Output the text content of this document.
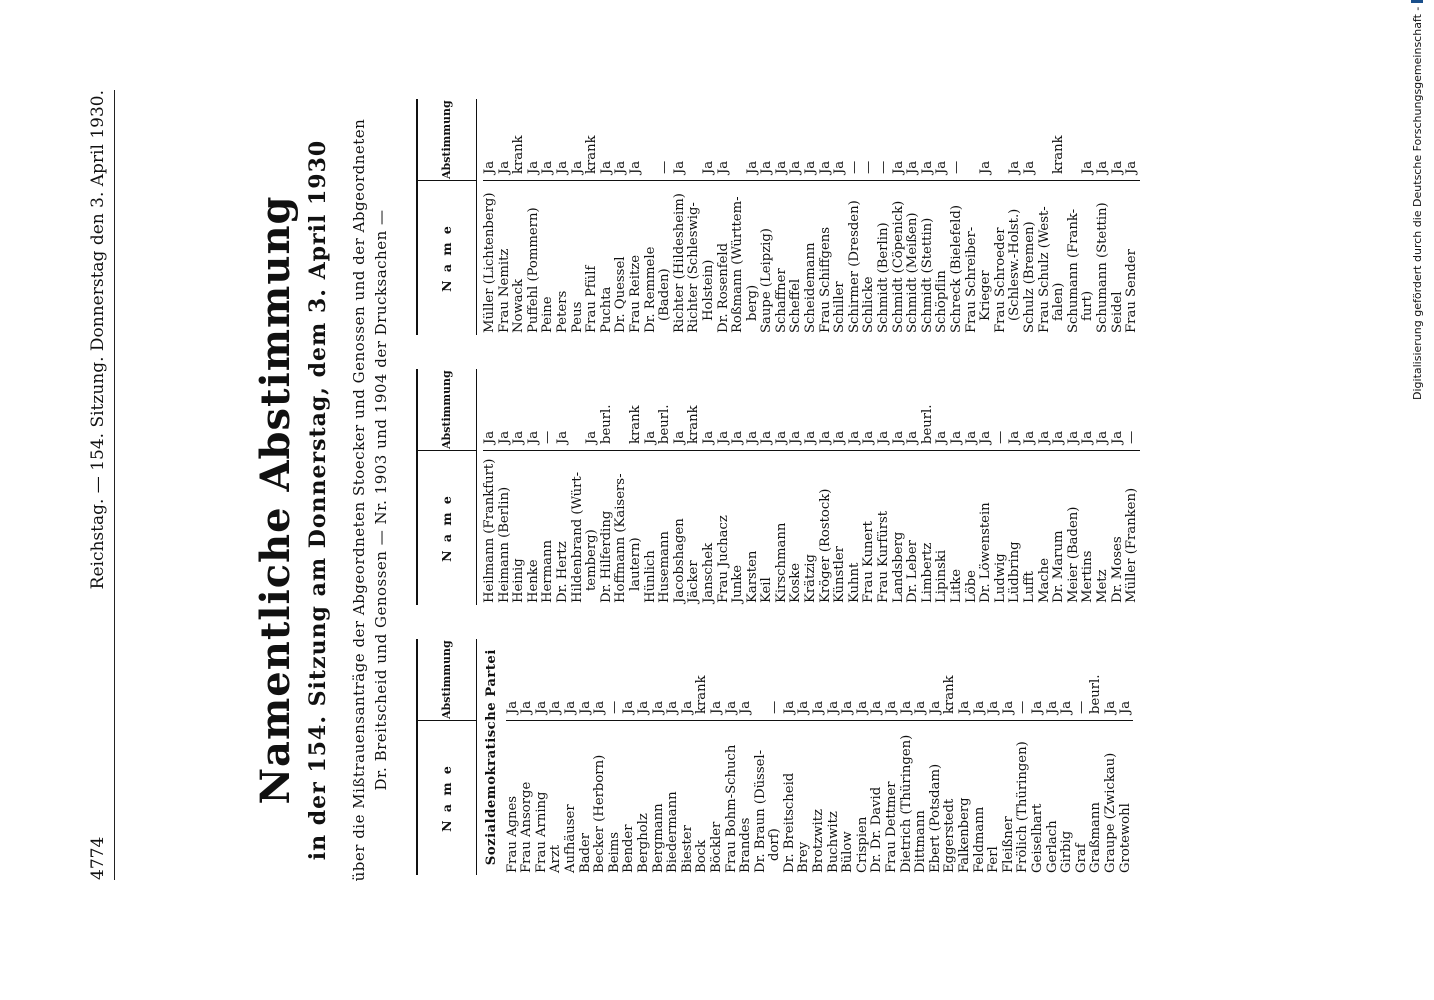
4774
Reichstag. — 154. Sitzung. Donnerstag den 3. April 1930.	Namentliche Abstimmung in der 154. Sitzung am Donnerstag, dem 3. April 1930 über die Mißtrauensanträge der Abgeordneten Stoecker und Genossen und der Abgeordneten Dr. Breitscheid und Genossen — Nr. 1903 und 1904 der Drucksachen —
N a m e	Abstimmung
Sozialdemokratische Partei	
Frau Agnes	Ja
Frau Ansorge	Ja
Frau Arning	Ja
Arzt	Ja
Aufhäuser	Ja
Bader	Ja
Becker (Herborn)	Ja
Beims	—
Bender	Ja
Bergholz	Ja
Bergmann	Ja
Biedermann	Ja
Biester	Ja
Bock	krank
Böckler	Ja
Frau Bohm-Schuch	Ja
Brandes	Ja
Dr. Braun (Düssel-	
dorf)	—
Dr. Breitscheid	Ja
Brey	Ja
Brotzwitz	Ja
Buchwitz	Ja
Bülow	Ja
Crispien	Ja
Dr. Dr. David	Ja
Frau Dettmer	Ja
Dietrich (Thüringen)	Ja
Dittmann	Ja
Ebert (Potsdam)	Ja
Eggerstedt	krank
Falkenberg	Ja
Feldmann	Ja
Ferl	Ja
Fleißner	Ja
Frölich (Thüringen)	—
Geiselhart	Ja
Gerlach	Ja
Girbig	Ja
Graf	—
Graßmann	beurl.
Graupe (Zwickau)	Ja
Grotewohl	Ja
N a m e	Abstimmung

Heilmann (Frankfurt)	Ja
Heimann (Berlin)	Ja
Heinig	Ja
Henke	Ja
Hermann	—
Dr. Hertz	Ja
Hildenbrand (Würt-	
temberg)	Ja
Dr. Hilferding	beurl.
Hoffmann (Kaisers-	
lautern)	krank
Hünlich	Ja
Husemann	beurl.
Jacobshagen	Ja
Jäcker	krank
Janschek	Ja
Frau Juchacz	Ja
Junke	Ja
Karsten	Ja
Keil	Ja
Kirschmann	Ja
Koske	Ja
Krätzig	Ja
Kröger (Rostock)	Ja
Künstler	Ja
Kuhnt	Ja
Frau Kunert	Ja
Frau Kurfürst	Ja
Landsberg	Ja
Dr. Leber	Ja
Limbertz	beurl.
Lipinski	Ja
Litke	Ja
Löbe	Ja
Dr. Löwenstein	Ja
Ludwig	—
Lüdbring	Ja
Lufft	Ja
Mache	Ja
Dr. Marum	Ja
Meier (Baden)	Ja
Mertins	Ja
Metz	Ja
Dr. Moses	Ja
Müller (Franken)	—
N a m e	Abstimmung

Müller (Lichtenberg)	Ja
Frau Nemitz	Ja
Nowack	krank
Puffehl (Pommern)	Ja
Peine	Ja
Peters	Ja
Peus	Ja
Frau Pfülf	krank
Puchta	Ja
Dr. Quessel	Ja
Frau Reitze	Ja
Dr. Remmele	
(Baden)	—
Richter (Hildesheim)	Ja
Richter (Schleswig-	
Holstein)	Ja
Dr. Rosenfeld	Ja
Roßmann (Württem-	
berg)	Ja
Saupe (Leipzig)	Ja
Schaffner	Ja
Scheffel	Ja
Scheidemann	Ja
Frau Schiffgens	Ja
Schiller	Ja
Schirmer (Dresden)	—
Schlicke	—
Schmidt (Berlin)	—
Schmidt (Cöpenick)	Ja
Schmidt (Meißen)	Ja
Schmidt (Stettin)	Ja
Schöpflin	Ja
Schreck (Bielefeld)	—
Frau Schreiber-	
Krieger	Ja
Frau Schroeder	
(Schlesw.-Holst.)	Ja
Schulz (Bremen)	Ja
Frau Schulz (West-	
falen)	krank
Schumann (Frank-	
furt)	Ja
Schumann (Stettin)	Ja
Seidel	Ja
Frau Sender	Ja	Digitalisierung gefördert durch die Deutsche Forschungsgemeinschaft -
